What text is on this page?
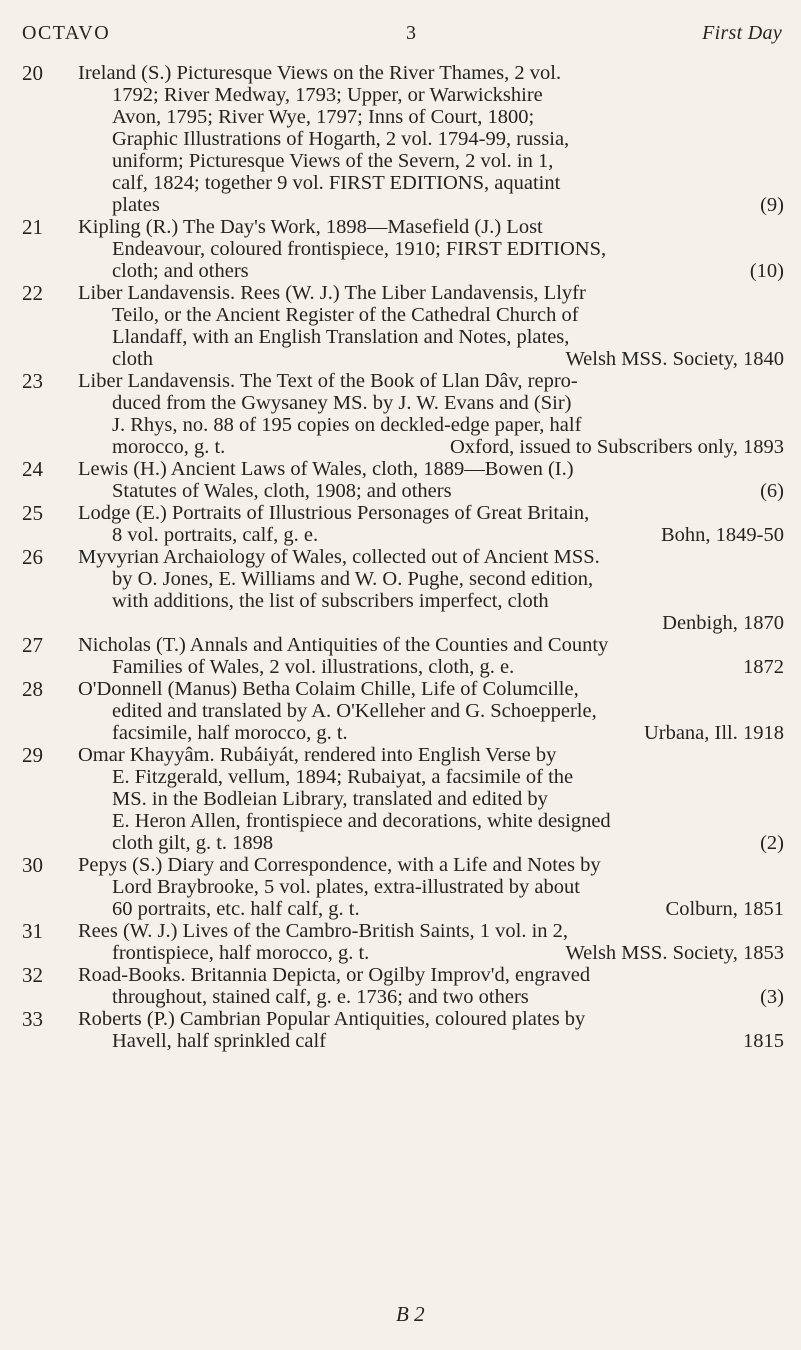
OCTAVO	3	First Day
20	Ireland (S.) Picturesque Views on the River Thames, 2 vol.
1792; River Medway, 1793; Upper, or Warwickshire
Avon, 1795; River Wye, 1797; Inns of Court, 1800;
Graphic Illustrations of Hogarth, 2 vol. 1794-99, russia,
uniform; Picturesque Views of the Severn, 2 vol. in 1,
calf, 1824; together 9 vol. FIRST EDITIONS, aquatint
plates	(9)
21	Kipling (R.) The Day's Work, 1898—Masefield (J.) Lost
Endeavour, coloured frontispiece, 1910; FIRST EDITIONS,
cloth; and others	(10)
22	Liber Landavensis. Rees (W. J.) The Liber Landavensis, Llyfr
Teilo, or the Ancient Register of the Cathedral Church of
Llandaff, with an English Translation and Notes, plates,
cloth	Welsh MSS. Society, 1840
23	Liber Landavensis. The Text of the Book of Llan Dâv, repro-
duced from the Gwysaney MS. by J. W. Evans and (Sir)
J. Rhys, no. 88 of 195 copies on deckled-edge paper, half
morocco, g. t.	Oxford, issued to Subscribers only, 1893
24	Lewis (H.) Ancient Laws of Wales, cloth, 1889—Bowen (I.)
Statutes of Wales, cloth, 1908; and others	(6)
25	Lodge (E.) Portraits of Illustrious Personages of Great Britain,
8 vol. portraits, calf, g. e.	Bohn, 1849-50
26	Myvyrian Archaiology of Wales, collected out of Ancient MSS.
by O. Jones, E. Williams and W. O. Pughe, second edition,
with additions, the list of subscribers imperfect, cloth
Denbigh, 1870
27	Nicholas (T.) Annals and Antiquities of the Counties and County
Families of Wales, 2 vol. illustrations, cloth, g. e.	1872
28	O'Donnell (Manus) Betha Colaim Chille, Life of Columcille,
edited and translated by A. O'Kelleher and G. Schoepperle,
facsimile, half morocco, g. t.	Urbana, Ill. 1918
29	Omar Khayyâm. Rubáiyát, rendered into English Verse by
E. Fitzgerald, vellum, 1894; Rubaiyat, a facsimile of the
MS. in the Bodleian Library, translated and edited by
E. Heron Allen, frontispiece and decorations, white designed
cloth gilt, g. t. 1898	(2)
30	Pepys (S.) Diary and Correspondence, with a Life and Notes by
Lord Braybrooke, 5 vol. plates, extra-illustrated by about
60 portraits, etc. half calf, g. t.	Colburn, 1851
31	Rees (W. J.) Lives of the Cambro-British Saints, 1 vol. in 2,
frontispiece, half morocco, g. t.	Welsh MSS. Society, 1853
32	Road-Books. Britannia Depicta, or Ogilby Improv'd, engraved
throughout, stained calf, g. e. 1736; and two others	(3)
33	Roberts (P.) Cambrian Popular Antiquities, coloured plates by
Havell, half sprinkled calf	1815
B 2
